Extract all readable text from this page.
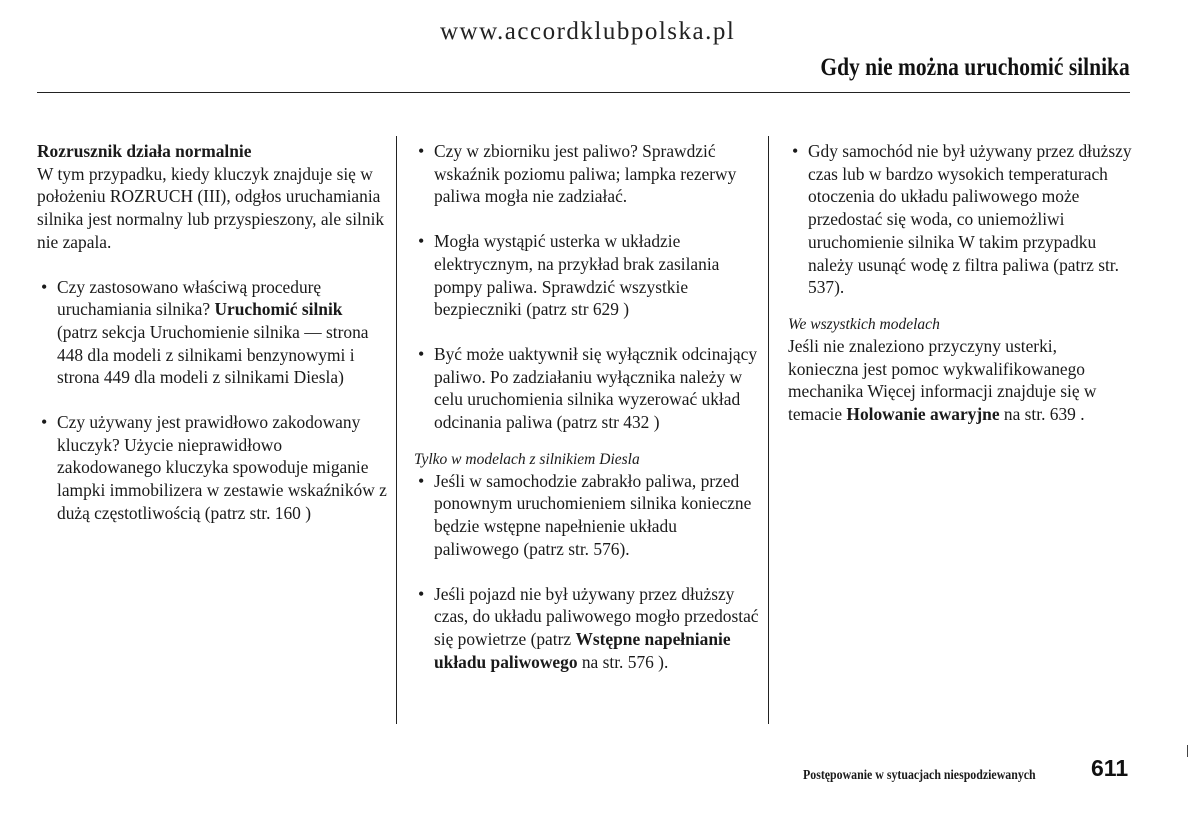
www.accordklubpolska.pl
Gdy nie można uruchomić silnika

Rozrusznik działa normalnie

W tym przypadku, kiedy kluczyk znajduje się w położeniu ROZRUCH (III), odgłos uruchamiania silnika jest normalny lub przyspieszony, ale silnik nie zapala.

• Czy zastosowano właściwą procedurę uruchamiania silnika? Uruchomić silnik (patrz sekcja Uruchomienie silnika — strona 448 dla modeli z silnikami benzynowymi i strona 449 dla modeli z silnikami Diesla)

• Czy używany jest prawidłowo zakodowany kluczyk? Użycie nieprawidłowo zakodowanego kluczyka spowoduje miganie lampki immobilizera w zestawie wskaźników z dużą częstotliwością (patrz str. 160 )

• Czy w zbiorniku jest paliwo? Sprawdzić wskaźnik poziomu paliwa; lampka rezerwy paliwa mogła nie zadziałać.

• Mogła wystąpić usterka w układzie elektrycznym, na przykład brak zasilania pompy paliwa. Sprawdzić wszystkie bezpieczniki (patrz str 629 )

• Być może uaktywnił się wyłącznik odcinający paliwo. Po zadziałaniu wyłącznika należy w celu uruchomienia silnika wyzerować układ odcinania paliwa (patrz str 432 )

Tylko w modelach z silnikiem Diesla

• Jeśli w samochodzie zabrakło paliwa, przed ponownym uruchomieniem silnika konieczne będzie wstępne napełnienie układu paliwowego (patrz str. 576).

• Jeśli pojazd nie był używany przez dłuższy czas, do układu paliwowego mogło przedostać się powietrze (patrz Wstępne napełnianie układu paliwowego na str. 576 ).

• Gdy samochód nie był używany przez dłuższy czas lub w bardzo wysokich temperaturach otoczenia do układu paliwowego może przedostać się woda, co uniemożliwi uruchomienie silnika W takim przypadku należy usunąć wodę z filtra paliwa (patrz str. 537).

We wszystkich modelach

Jeśli nie znaleziono przyczyny usterki, konieczna jest pomoc wykwalifikowanego mechanika Więcej informacji znajduje się w temacie Holowanie awaryjne na str. 639 .

Postępowanie w sytuacjach niespodziewanych 611
